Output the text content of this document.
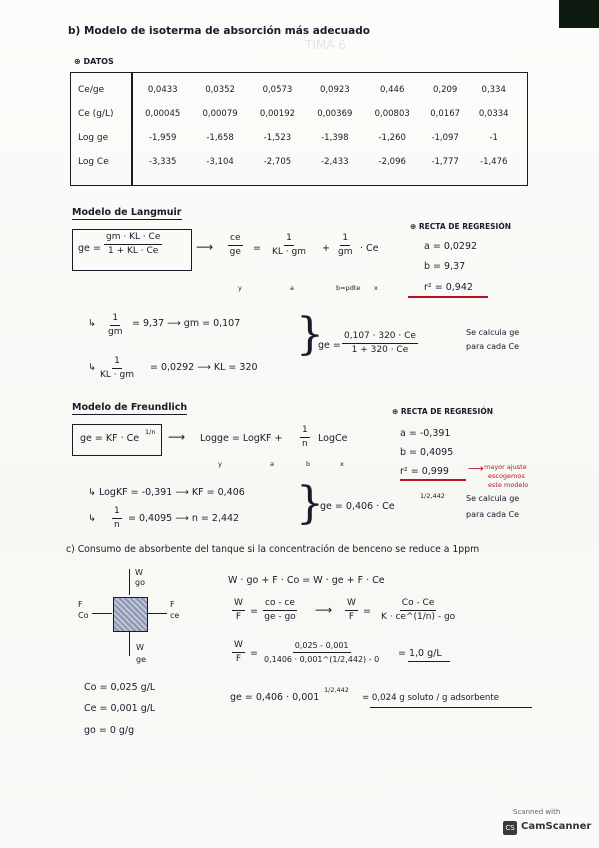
TIMA 6
b) Modelo de isoterma de absorción más adecuado
⊕ DATOS
Ce/ge	0,0433	0,0352	0,0573	0,0923	0,446	0,209	0,334
Ce (g/L)	0,00045	0,00079	0,00192	0,00369	0,00803	0,0167	0,0334
Log ge	-1,959	-1,658	-1,523	-1,398	-1,260	-1,097	-1
Log Ce	-3,335	-3,104	-2,705	-2,433	-2,096	-1,777	-1,476
Modelo de Langmuir
ge = $\frac{gm \cdot KL \cdot Ce}{1 + KL \cdot Ce}$	⟶ $\frac{ce}{ge} = \frac{1}{KL \cdot gm} + \frac{1}{gm} \cdot Ce$
y	a	b=pdte x
⊕ RECTA DE REGRESIÓN
a = 0,0292
b = 9,37
r² = 0,942
↳ $\frac{1}{gm} = 9,37$ ⟶ gm = 0,107
↳ $\frac{1}{KL \cdot gm} = 0,0292$ ⟶ KL = 320
}
ge = $\frac{0,107 \cdot 320 \cdot Ce}{1 + 320 \cdot Ce}$	Se calcula ge
para cada Ce
Modelo de Freundlich
ge = KF · Ce
1/n ⟶ Logge = LogKF + $\frac{1}{n}$ LogCe
y	a	b	x
⊕ RECTA DE REGRESIÓN
a = -0,391
b = 0,4095
r² = 0,999 ⟶ mayor ajuste
escogemos
este modelo
↳ LogKF = -0,391 ⟶ KF = 0,406
↳ $\frac{1}{n} = 0,4095$ ⟶ n = 2,442 }
ge = 0,406 · Ce
1/2,442	Se calcula ge
para cada Ce
c) Consumo de absorbente del tanque si la concentración de benceno se reduce a 1ppm
W
go
F
Co
F
ce
W
ge
W · go + F · Co = W · ge + F · Ce
$\frac{W}{F} = \frac{co - ce}{ge - go}$ ⟶ $\frac{W}{F} = \frac{Co - Ce}{K \cdot ce\^{}(1/n) - go}$
$\frac{W}{F} = \frac{0,025 - 0,001}{0,1406 \cdot 0,001\^{}(1/2,442) - 0} = 1,0$ g/L
Co = 0,025 g/L
Ce = 0,001 g/L
go = 0 g/g
ge = 0,406 · 0,001
1/2,442
= 0,024 g soluto / g adsorbente
Scanned with
CS CamScanner
